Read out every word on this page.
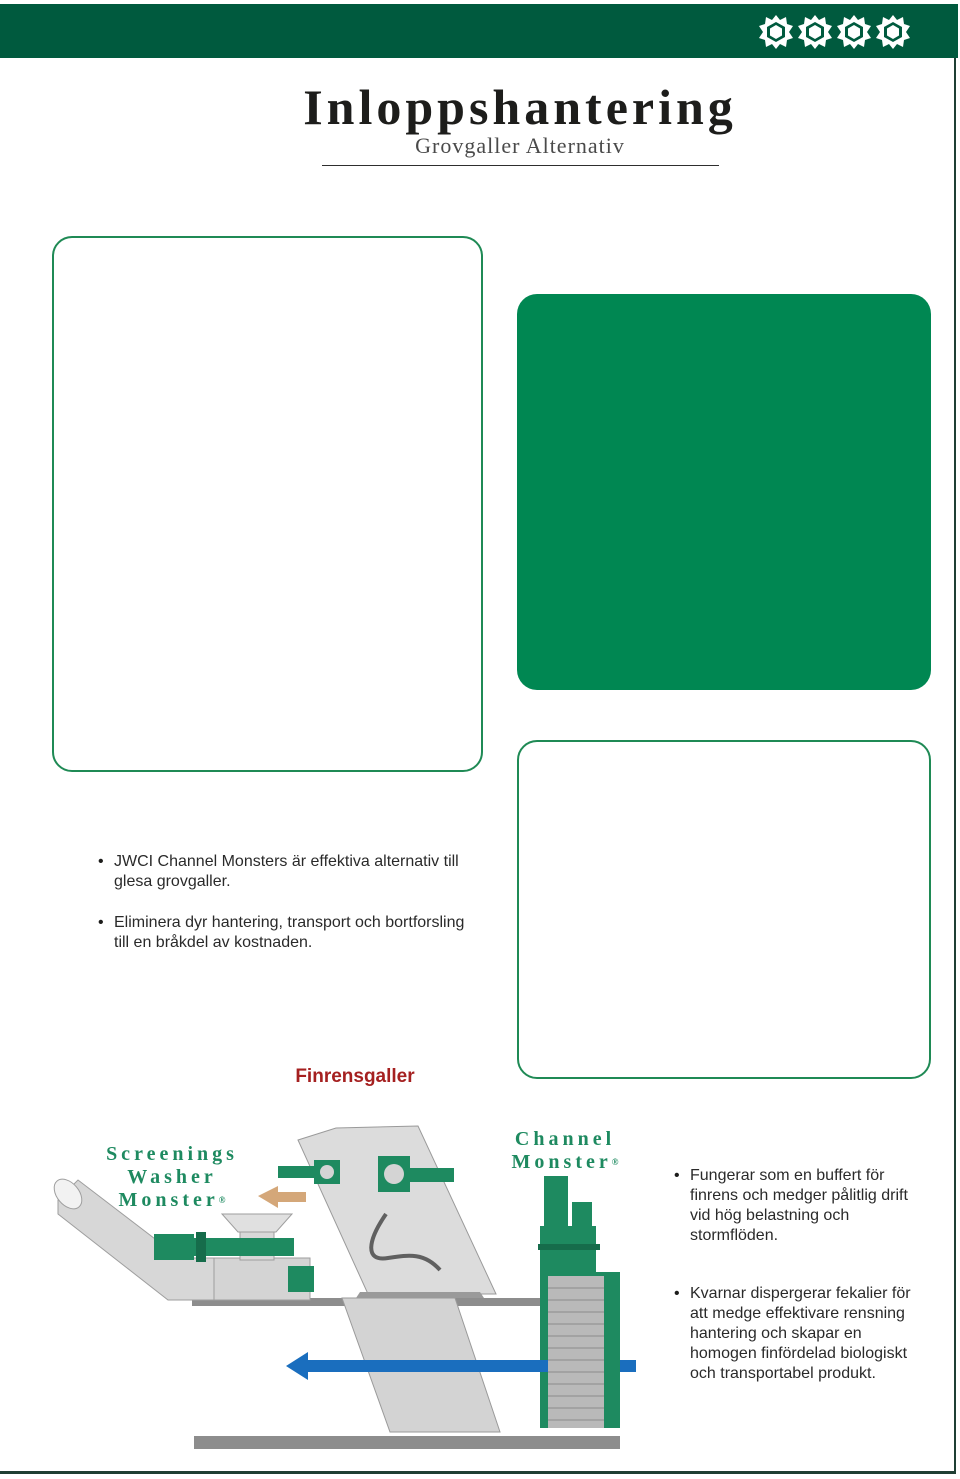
Inloppshantering
Grovgaller Alternativ
• JWCI Channel Monsters är effektiva alternativ till glesa grovgaller.
• Eliminera dyr hantering, transport och bortforsling till en bråkdel av kostnaden.
Finrensgaller
Screenings Washer
Monster®
Channel
Monster®
• Fungerar som en buffert för finrens och medger pålitlig drift vid hög belastning och stormflöden.
• Kvarnar dispergerar fekalier för att medge effektivare rensning hantering och skapar en homogen finfördelad biologiskt och transportabel produkt.
